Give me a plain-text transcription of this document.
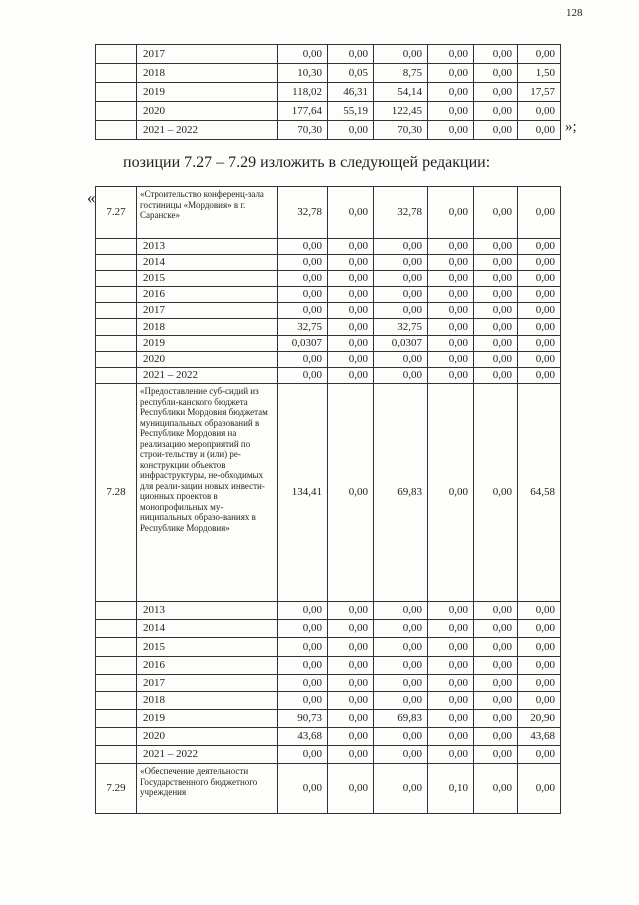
128
	2017	0,00	0,00	0,00	0,00	0,00	0,00
	2018	10,30	0,05	8,75	0,00	0,00	1,50
	2019	118,02	46,31	54,14	0,00	0,00	17,57
	2020	177,64	55,19	122,45	0,00	0,00	0,00
	2021 – 2022	70,30	0,00	70,30	0,00	0,00	0,00 »;
позиции 7.27 – 7.29 изложить в следующей редакции:
«
7.27	«Строительство конференц-зала гостиницы «Мордовия» в г. Саранске»	32,78	0,00	32,78	0,00	0,00	0,00
	2013	0,00	0,00	0,00	0,00	0,00	0,00
	2014	0,00	0,00	0,00	0,00	0,00	0,00
	2015	0,00	0,00	0,00	0,00	0,00	0,00
	2016	0,00	0,00	0,00	0,00	0,00	0,00
	2017	0,00	0,00	0,00	0,00	0,00	0,00
	2018	32,75	0,00	32,75	0,00	0,00	0,00
	2019	0,0307	0,00	0,0307	0,00	0,00	0,00
	2020	0,00	0,00	0,00	0,00	0,00	0,00
	2021 – 2022	0,00	0,00	0,00	0,00	0,00	0,00
7.28	«Предоставление суб-сидий из республи-канского бюджета Республики Мордовия бюджетам муниципальных образований в Республике Мордовия на реализацию мероприятий по строи-тельству и (или) ре-конструкции объектов инфраструктуры, не-обходимых для реали-зации новых инвести-ционных проектов в монопрофильных му-ниципальных образо-ваниях в Республике Мордовия»	134,41	0,00	69,83	0,00	0,00	64,58
	2013	0,00	0,00	0,00	0,00	0,00	0,00
	2014	0,00	0,00	0,00	0,00	0,00	0,00
	2015	0,00	0,00	0,00	0,00	0,00	0,00
	2016	0,00	0,00	0,00	0,00	0,00	0,00
	2017	0,00	0,00	0,00	0,00	0,00	0,00
	2018	0,00	0,00	0,00	0,00	0,00	0,00
	2019	90,73	0,00	69,83	0,00	0,00	20,90
	2020	43,68	0,00	0,00	0,00	0,00	43,68
	2021 – 2022	0,00	0,00	0,00	0,00	0,00	0,00
7.29	«Обеспечение деятельности Государственного бюджетного учреждения	0,00	0,00	0,00	0,10	0,00	0,00
